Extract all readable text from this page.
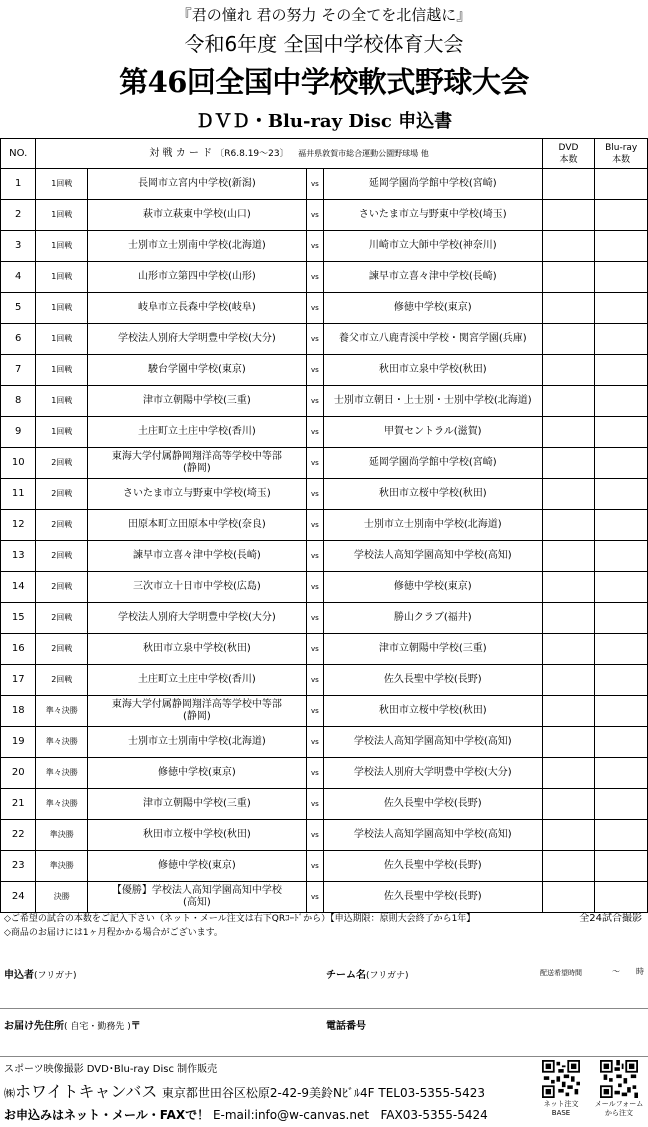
『君の憧れ 君の努力 その全てを北信越に』
令和6年度 全国中学校体育大会
第46回全国中学校軟式野球大会
ＤＶＤ・Blu-ray Disc 申込書
NO.	対 戦 カ ー ド 〔R6.8.19～23〕 福井県敦賀市総合運動公園野球場 他				DVD
本数	Blu-ray
本数
1	1回戦	長岡市立宮内中学校(新潟)	vs	延岡学園尚学館中学校(宮崎)		
2	1回戦	萩市立萩東中学校(山口)	vs	さいたま市立与野東中学校(埼玉)		
3	1回戦	士別市立士別南中学校(北海道)	vs	川崎市立大師中学校(神奈川)		
4	1回戦	山形市立第四中学校(山形)	vs	諫早市立喜々津中学校(長崎)		
5	1回戦	岐阜市立長森中学校(岐阜)	vs	修徳中学校(東京)		
6	1回戦	学校法人別府大学明豊中学校(大分)	vs	養父市立八鹿青渓中学校・関宮学園(兵庫)		
7	1回戦	駿台学園中学校(東京)	vs	秋田市立泉中学校(秋田)		
8	1回戦	津市立朝陽中学校(三重)	vs	士別市立朝日・上士別・士別中学校(北海道)		
9	1回戦	土庄町立土庄中学校(香川)	vs	甲賀セントラル(滋賀)		
10	2回戦	東海大学付属静岡翔洋高等学校中等部
(静岡)	vs	延岡学園尚学館中学校(宮崎)		
11	2回戦	さいたま市立与野東中学校(埼玉)	vs	秋田市立桜中学校(秋田)		
12	2回戦	田原本町立田原本中学校(奈良)	vs	士別市立士別南中学校(北海道)		
13	2回戦	諫早市立喜々津中学校(長崎)	vs	学校法人高知学園高知中学校(高知)		
14	2回戦	三次市立十日市中学校(広島)	vs	修徳中学校(東京)		
15	2回戦	学校法人別府大学明豊中学校(大分)	vs	勝山クラブ(福井)		
16	2回戦	秋田市立泉中学校(秋田)	vs	津市立朝陽中学校(三重)		
17	2回戦	土庄町立土庄中学校(香川)	vs	佐久長聖中学校(長野)		
18	準々決勝	東海大学付属静岡翔洋高等学校中等部
(静岡)	vs	秋田市立桜中学校(秋田)		
19	準々決勝	士別市立士別南中学校(北海道)	vs	学校法人高知学園高知中学校(高知)		
20	準々決勝	修徳中学校(東京)	vs	学校法人別府大学明豊中学校(大分)		
21	準々決勝	津市立朝陽中学校(三重)	vs	佐久長聖中学校(長野)		
22	準決勝	秋田市立桜中学校(秋田)	vs	学校法人高知学園高知中学校(高知)		
23	準決勝	修徳中学校(東京)	vs	佐久長聖中学校(長野)		
24	決勝	【優勝】学校法人高知学園高知中学校
(高知)	vs	佐久長聖中学校(長野)		
◇ご希望の試合の本数をご記入下さい（ネット・メール注文は右下QRｺｰﾄﾞから）【申込期限：原則大会終了から1年】
◇商品のお届けには1ヶ月程かかる場合がございます。
全24試合撮影
申込者(フリガナ)	チーム名(フリガナ)	配送希望時間	～ 時
お届け先住所( 自宅・勤務先 )〒	電話番号
スポーツ映像撮影 DVD･Blu-ray Disc 制作販売
㈱ホワイトキャンバス 東京都世田谷区松原2-42-9美鈴Nﾋﾞﾙ4F TEL03-5355-5423
お申込みはネット・メール・FAXで！ E-mail:info@w-canvas.net FAX03-5355-5424
ネット注文
BASE
メールフォーム
から注文
